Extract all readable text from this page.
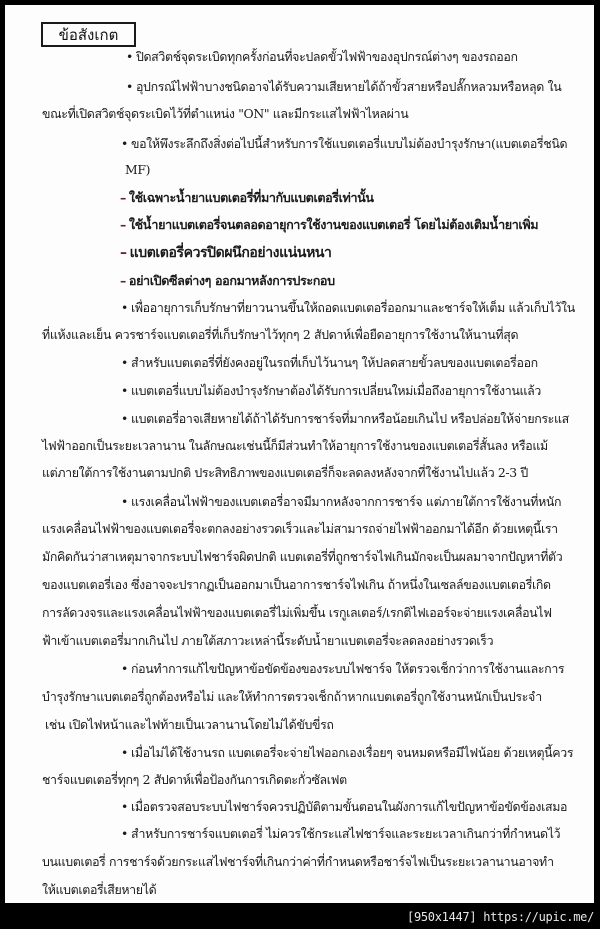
ข้อสังเกต
• ปิดสวิตช์จุดระเบิดทุกครั้งก่อนที่จะปลดขั้วไฟฟ้าของอุปกรณ์ต่างๆ ของรถออก
• อุปกรณ์ไฟฟ้าบางชนิดอาจได้รับความเสียหายได้ถ้าขั้วสายหรือปลั๊กหลวมหรือหลุด ใน
ขณะที่เปิดสวิตช์จุดระเบิดไว้ที่ตำแหน่ง "ON" และมีกระแสไฟฟ้าไหลผ่าน
• ขอให้พึงระลึกถึงสิ่งต่อไปนี้สำหรับการใช้แบตเตอรี่แบบไม่ต้องบำรุงรักษา(แบตเตอรี่ชนิด
MF)
– ใช้เฉพาะน้ำยาแบตเตอรี่ที่มากับแบตเตอรี่เท่านั้น
– ใช้น้ำยาแบตเตอรี่จนตลอดอายุการใช้งานของแบตเตอรี่ โดยไม่ต้องเติมน้ำยาเพิ่ม
– แบตเตอรี่ควรปิดผนึกอย่างแน่นหนา
– อย่าเปิดซีลต่างๆ ออกมาหลังการประกอบ
• เพื่ออายุการเก็บรักษาที่ยาวนานขึ้นให้ถอดแบตเตอรี่ออกมาและชาร์จให้เต็ม แล้วเก็บไว้ใน
ที่แห้งและเย็น ควรชาร์จแบตเตอรี่ที่เก็บรักษาไว้ทุกๆ 2 สัปดาห์เพื่อยืดอายุการใช้งานให้นานที่สุด
• สำหรับแบตเตอรี่ที่ยังคงอยู่ในรถที่เก็บไว้นานๆ ให้ปลดสายขั้วลบของแบตเตอรี่ออก
• แบตเตอรี่แบบไม่ต้องบำรุงรักษาต้องได้รับการเปลี่ยนใหม่เมื่อถึงอายุการใช้งานแล้ว
• แบตเตอรี่อาจเสียหายได้ถ้าได้รับการชาร์จที่มากหรือน้อยเกินไป หรือปล่อยให้จ่ายกระแส
ไฟฟ้าออกเป็นระยะเวลานาน ในลักษณะเช่นนี้ก็มีส่วนทำให้อายุการใช้งานของแบตเตอรี่สั้นลง หรือแม้
แต่ภายใต้การใช้งานตามปกติ ประสิทธิภาพของแบตเตอรี่ก็จะลดลงหลังจากที่ใช้งานไปแล้ว 2-3 ปี
• แรงเคลื่อนไฟฟ้าของแบตเตอรี่อาจมีมากหลังจากการชาร์จ แต่ภายใต้การใช้งานที่หนัก
แรงเคลื่อนไฟฟ้าของแบตเตอรี่จะตกลงอย่างรวดเร็วและไม่สามารถจ่ายไฟฟ้าออกมาได้อีก ด้วยเหตุนี้เรา
มักคิดกันว่าสาเหตุมาจากระบบไฟชาร์จผิดปกติ แบตเตอรี่ที่ถูกชาร์จไฟเกินมักจะเป็นผลมาจากปัญหาที่ตัว
ของแบตเตอรี่เอง ซึ่งอาจจะปรากฏเป็นออกมาเป็นอาการชาร์จไฟเกิน ถ้าหนึ่งในเซลล์ของแบตเตอรี่เกิด
การลัดวงจรและแรงเคลื่อนไฟฟ้าของแบตเตอรี่ไม่เพิ่มขึ้น เรกูเลเตอร์/เรกติไฟเออร์จะจ่ายแรงเคลื่อนไฟ
ฟ้าเข้าแบตเตอรี่มากเกินไป ภายใต้สภาวะเหล่านี้ระดับน้ำยาแบตเตอรี่จะลดลงอย่างรวดเร็ว
• ก่อนทำการแก้ไขปัญหาข้อขัดข้องของระบบไฟชาร์จ ให้ตรวจเช็กว่าการใช้งานและการ
บำรุงรักษาแบตเตอรี่ถูกต้องหรือไม่ และให้ทำการตรวจเช็กถ้าหากแบตเตอรี่ถูกใช้งานหนักเป็นประจำ
เช่น เปิดไฟหน้าและไฟท้ายเป็นเวลานานโดยไม่ได้ขับขี่รถ
• เมื่อไม่ได้ใช้งานรถ แบตเตอรี่จะจ่ายไฟออกเองเรื่อยๆ จนหมดหรือมีไฟน้อย ด้วยเหตุนี้ควร
ชาร์จแบตเตอรี่ทุกๆ 2 สัปดาห์เพื่อป้องกันการเกิดตะกั่วซัลเฟต
• เมื่อตรวจสอบระบบไฟชาร์จควรปฏิบัติตามขั้นตอนในผังการแก้ไขปัญหาข้อขัดข้องเสมอ
• สำหรับการชาร์จแบตเตอรี่ ไม่ควรใช้กระแสไฟชาร์จและระยะเวลาเกินกว่าที่กำหนดไว้
บนแบตเตอรี่ การชาร์จด้วยกระแสไฟชาร์จที่เกินกว่าค่าที่กำหนดหรือชาร์จไฟเป็นระยะเวลานานอาจทำ
ให้แบตเตอรี่เสียหายได้
[950x1447] https://upic.me/
